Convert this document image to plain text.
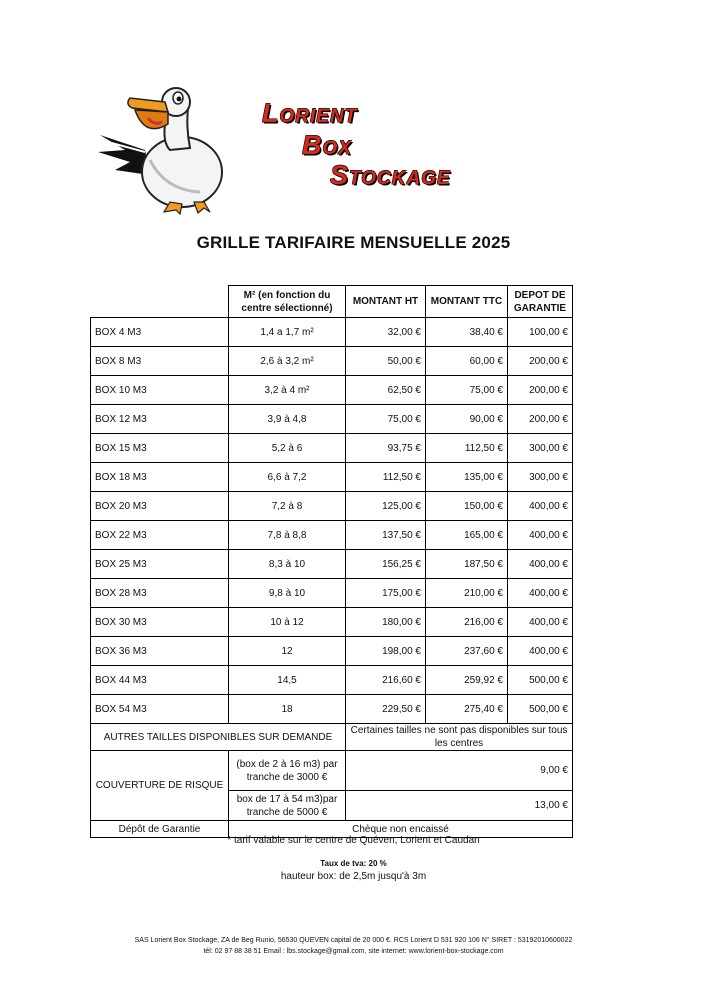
LORIENT
BOX
STOCKAGE
GRILLE TARIFAIRE MENSUELLE 2025
	M² (en fonction du centre sélectionné)	MONTANT HT	MONTANT TTC	DEPOT DE GARANTIE
BOX 4 M3	1,4 a 1,7 m²	32,00 €	38,40 €	100,00 €
BOX 8 M3	2,6 à 3,2 m²	50,00 €	60,00 €	200,00 €
BOX 10 M3	3,2 à 4 m²	62,50 €	75,00 €	200,00 €
BOX 12 M3	3,9 à 4,8	75,00 €	90,00 €	200,00 €
BOX 15 M3	5,2 à 6	93,75 €	112,50 €	300,00 €
BOX 18 M3	6,6 à 7,2	112,50 €	135,00 €	300,00 €
BOX 20 M3	7,2 à 8	125,00 €	150,00 €	400,00 €
BOX 22 M3	7,8 à 8,8	137,50 €	165,00 €	400,00 €
BOX 25 M3	8,3 à 10	156,25 €	187,50 €	400,00 €
BOX 28 M3	9,8 à 10	175,00 €	210,00 €	400,00 €
BOX 30 M3	10 à 12	180,00 €	216,00 €	400,00 €
BOX 36 M3	12	198,00 €	237,60 €	400,00 €
BOX 44 M3	14,5	216,60 €	259,92 €	500,00 €
BOX 54 M3	18	229,50 €	275,40 €	500,00 €
AUTRES TAILLES DISPONIBLES SUR DEMANDE		Certaines tailles ne sont pas disponibles sur tous les centres		
COUVERTURE DE RISQUE	(box de 2 à 16 m3) par tranche de 3000 €	9,00 €		
	box de 17 à 54 m3)par tranche de 5000 €	13,00 €		
Dépôt de Garantie	Chèque non encaissé			
* tarif valable sur le centre de Quéven, Lorient et Caudan
Taux de tva: 20 %
hauteur box: de 2,5m jusqu'à 3m
SAS Lorient Box Stockage, ZA de Beg Runio, 56530 QUEVEN capital de 20 000 €. RCS Lorient D 531 920 106 N° SIRET : 53192010600022
tél: 02 97 88 38 51 Email : lbs.stockage@gmail.com, site internet: www.lorient-box-stockage.com
